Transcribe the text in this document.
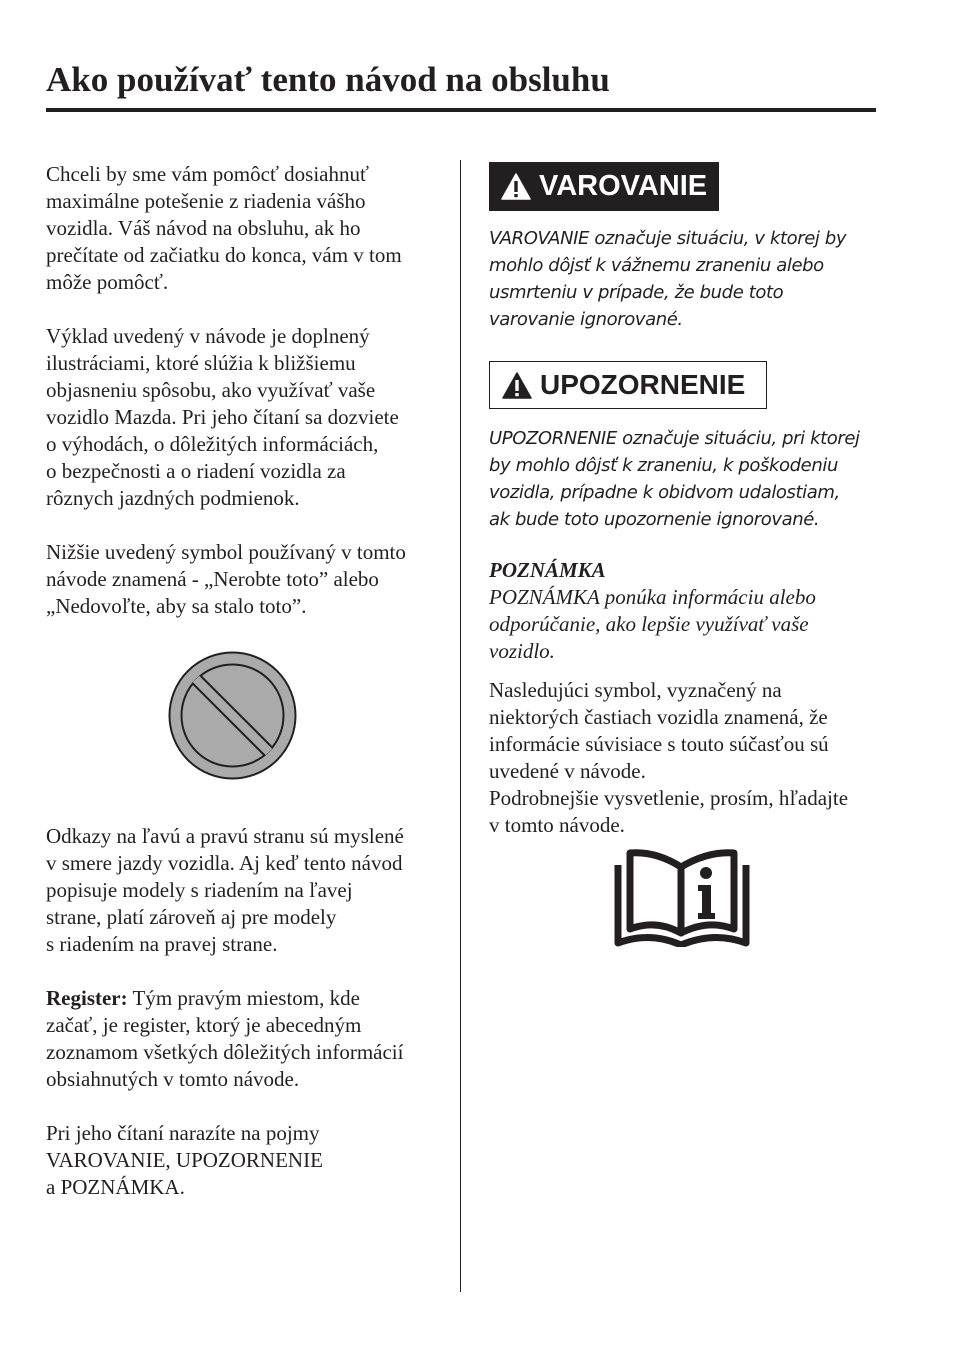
Ako používať tento návod na obsluhu

Chceli by sme vám pomôcť dosiahnuť
maximálne potešenie z riadenia vášho
vozidla. Váš návod na obsluhu, ak ho
prečítate od začiatku do konca, vám v tom
môže pomôcť.

Výklad uvedený v návode je doplnený
ilustráciami, ktoré slúžia k bližšiemu
objasneniu spôsobu, ako využívať vaše
vozidlo Mazda. Pri jeho čítaní sa dozviete
o výhodách, o dôležitých informáciách,
o bezpečnosti a o riadení vozidla za
rôznych jazdných podmienok.

Nižšie uvedený symbol používaný v tomto
návode znamená - „Nerobte toto” alebo
„Nedovoľte, aby sa stalo toto”.

Odkazy na ľavú a pravú stranu sú myslené
v smere jazdy vozidla. Aj keď tento návod
popisuje modely s riadením na ľavej
strane, platí zároveň aj pre modely
s riadením na pravej strane.

Register: Tým pravým miestom, kde
začať, je register, ktorý je abecedným
zoznamom všetkých dôležitých informácií
obsiahnutých v tomto návode.

Pri jeho čítaní narazíte na pojmy
VAROVANIE, UPOZORNENIE
a POZNÁMKA.

VAROVANIE

VAROVANIE označuje situáciu, v ktorej by
mohlo dôjsť k vážnemu zraneniu alebo
usmrteniu v prípade, že bude toto
varovanie ignorované.

UPOZORNENIE

UPOZORNENIE označuje situáciu, pri ktorej
by mohlo dôjsť k zraneniu, k poškodeniu
vozidla, prípadne k obidvom udalostiam,
ak bude toto upozornenie ignorované.

POZNÁMKA

POZNÁMKA ponúka informáciu alebo
odporúčanie, ako lepšie využívať vaše
vozidlo.

Nasledujúci symbol, vyznačený na
niektorých častiach vozidla znamená, že
informácie súvisiace s touto súčasťou sú
uvedené v návode.
Podrobnejšie vysvetlenie, prosím, hľadajte
v tomto návode.
